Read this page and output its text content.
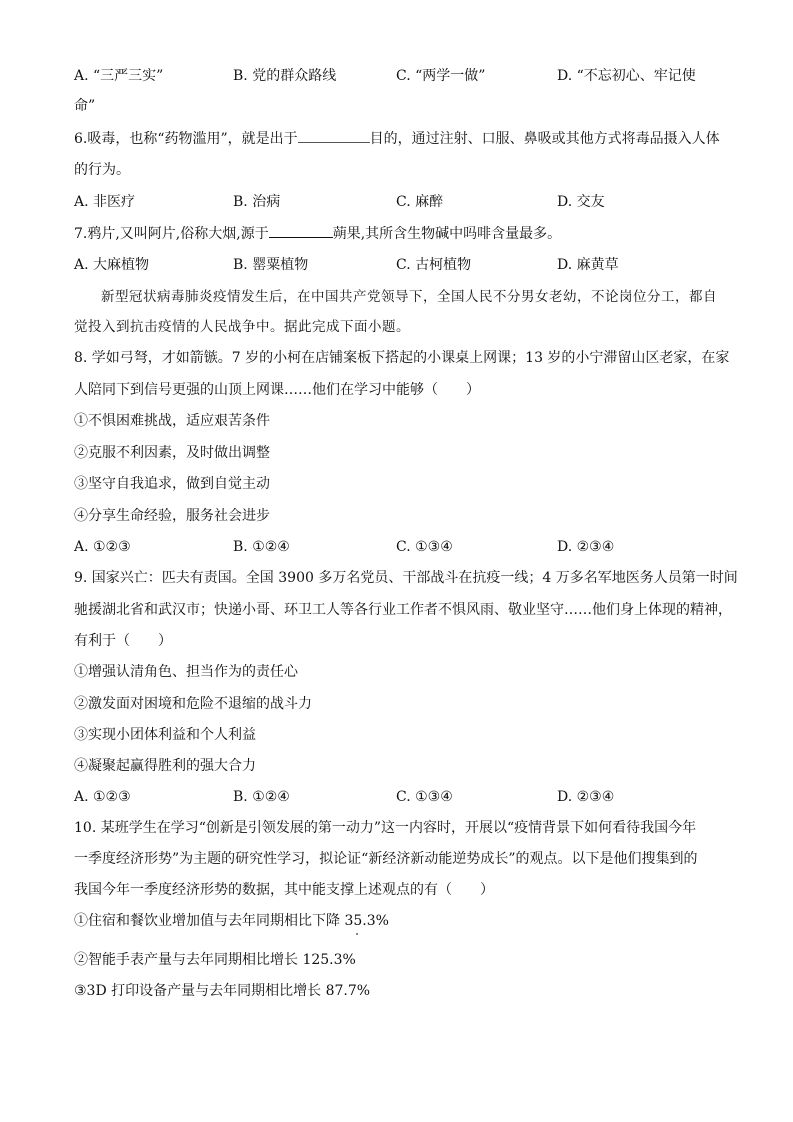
A. “三严三实”	B. 党的群众路线	C. “两学一做”	D. “不忘初心、牢记使
命”
6.吸毒，也称“药物滥用”，就是出于	目的，通过注射、口服、鼻吸或其他方式将毒品摄入人体
的行为。
A. 非医疗	B. 治病	C. 麻醉	D. 交友
7.鸦片,又叫阿片,俗称大烟,源于	蒴果,其所含生物碱中吗啡含量最多。
A. 大麻植物	B. 罂粟植物	C. 古柯植物	D. 麻黄草
新型冠状病毒肺炎疫情发生后，在中国共产党领导下，全国人民不分男女老幼，不论岗位分工，都自
觉投入到抗击疫情的人民战争中。据此完成下面小题。
8. 学如弓弩，才如箭镞。7 岁的小柯在店铺案板下搭起的小课桌上网课；13 岁的小宁滞留山区老家，在家
人陪同下到信号更强的山顶上网课……他们在学习中能够（　　）
①不惧困难挑战，适应艰苦条件
②克服不利因素，及时做出调整
③坚守自我追求，做到自觉主动
④分享生命经验，服务社会进步
A. ①②③	B. ①②④	C. ①③④	D. ②③④
9. 国家兴亡：匹夫有责国。全国 3900 多万名党员、干部战斗在抗疫一线；4 万多名军地医务人员第一时间
驰援湖北省和武汉市；快递小哥、环卫工人等各行业工作者不惧风雨、敬业坚守……他们身上体现的精神，
有利于（　　）
①增强认清角色、担当作为的责任心
②激发面对困境和危险不退缩的战斗力
③实现小团体利益和个人利益
④凝聚起赢得胜利的强大合力
A. ①②③	B. ①②④	C. ①③④	D. ②③④
10. 某班学生在学习“创新是引领发展的第一动力”这一内容时，开展以“疫情背景下如何看待我国今年
一季度经济形势”为主题的研究性学习，拟论证“新经济新动能逆势成长”的观点。以下是他们搜集到的
我国今年一季度经济形势的数据，其中能支撑上述观点的有（　　）
①住宿和餐饮业增加值与去年同期相比下降 35.3%
②智能手表产量与去年同期相比增长 125.3%
③3D 打印设备产量与去年同期相比增长 87.7%
